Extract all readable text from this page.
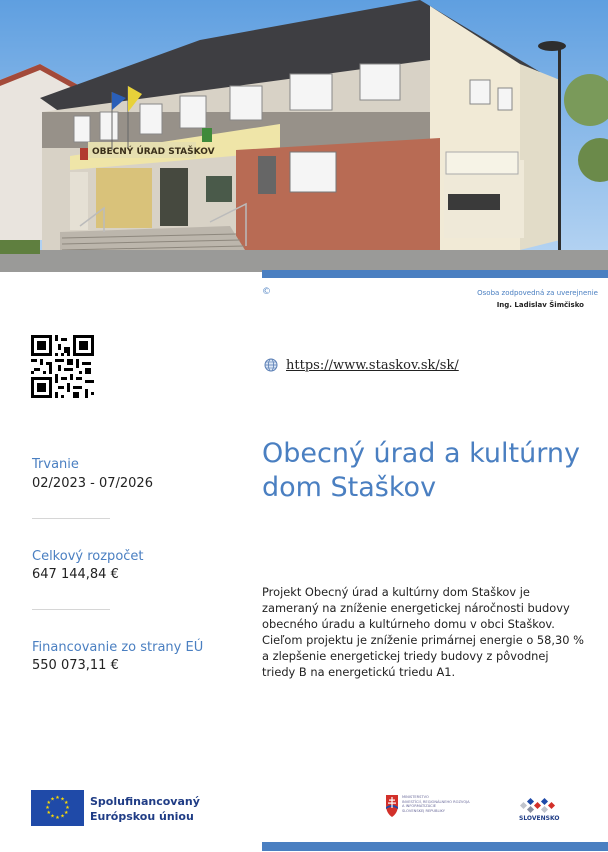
OBECNÝ ÚRAD STAŠKOV
©	Osoba zodpovedná za uverejnenie
Ing. Ladislav Šimčisko
https://www.staskov.sk/sk/
Obecný úrad a kultúrny dom Staškov
Trvanie
02/2023 - 07/2026
Celkový rozpočet
647 144,84 €
Financovanie zo strany EÚ
550 073,11 €

Projekt Obecný úrad a kultúrny dom Staškov je zameraný na zníženie energetickej náročnosti budovy obecného úradu a kultúrneho domu v obci Staškov.

Cieľom projektu je zníženie primárnej energie o 58,30 % a zlepšenie energetickej triedy budovy z pôvodnej triedy B na energetickú triedu A1.

★ ★
★
★
★
★
★
★
★
★
★
★	Spolufinancovaný
Európskou úniou
MINISTERSTVO
INVESTÍCIÍ, REGIONÁLNEHO ROZVOJA
A INFORMATIZÁCIE
SLOVENSKEJ REPUBLIKY
SLOVENSKO
